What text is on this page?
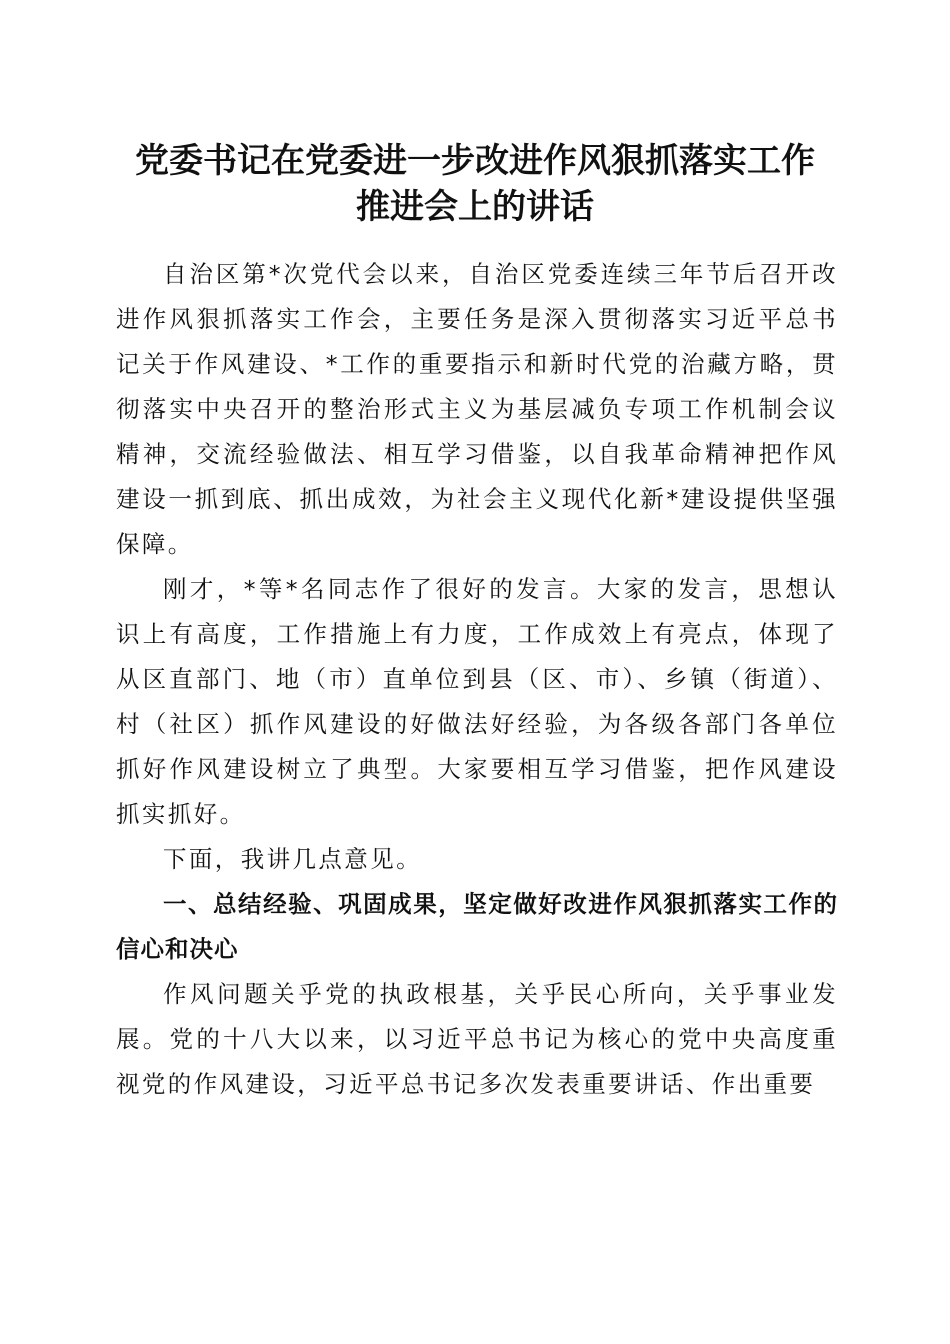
党委书记在党委进一步改进作风狠抓落实工作
推进会上的讲话

自治区第*次党代会以来，自治区党委连续三年节后召开改进作风狠抓落实工作会，主要任务是深入贯彻落实习近平总书记关于作风建设、*工作的重要指示和新时代党的治藏方略，贯彻落实中央召开的整治形式主义为基层减负专项工作机制会议精神，交流经验做法、相互学习借鉴，以自我革命精神把作风建设一抓到底、抓出成效，为社会主义现代化新*建设提供坚强保障。

刚才，*等*名同志作了很好的发言。大家的发言，思想认识上有高度，工作措施上有力度，工作成效上有亮点，体现了从区直部门、地（市）直单位到县（区、市）、乡镇（街道）、村（社区）抓作风建设的好做法好经验，为各级各部门各单位抓好作风建设树立了典型。大家要相互学习借鉴，把作风建设抓实抓好。

下面，我讲几点意见。

一、总结经验、巩固成果，坚定做好改进作风狠抓落实工作的信心和决心

作风问题关乎党的执政根基，关乎民心所向，关乎事业发展。党的十八大以来，以习近平总书记为核心的党中央高度重视党的作风建设，习近平总书记多次发表重要讲话、作出重要
